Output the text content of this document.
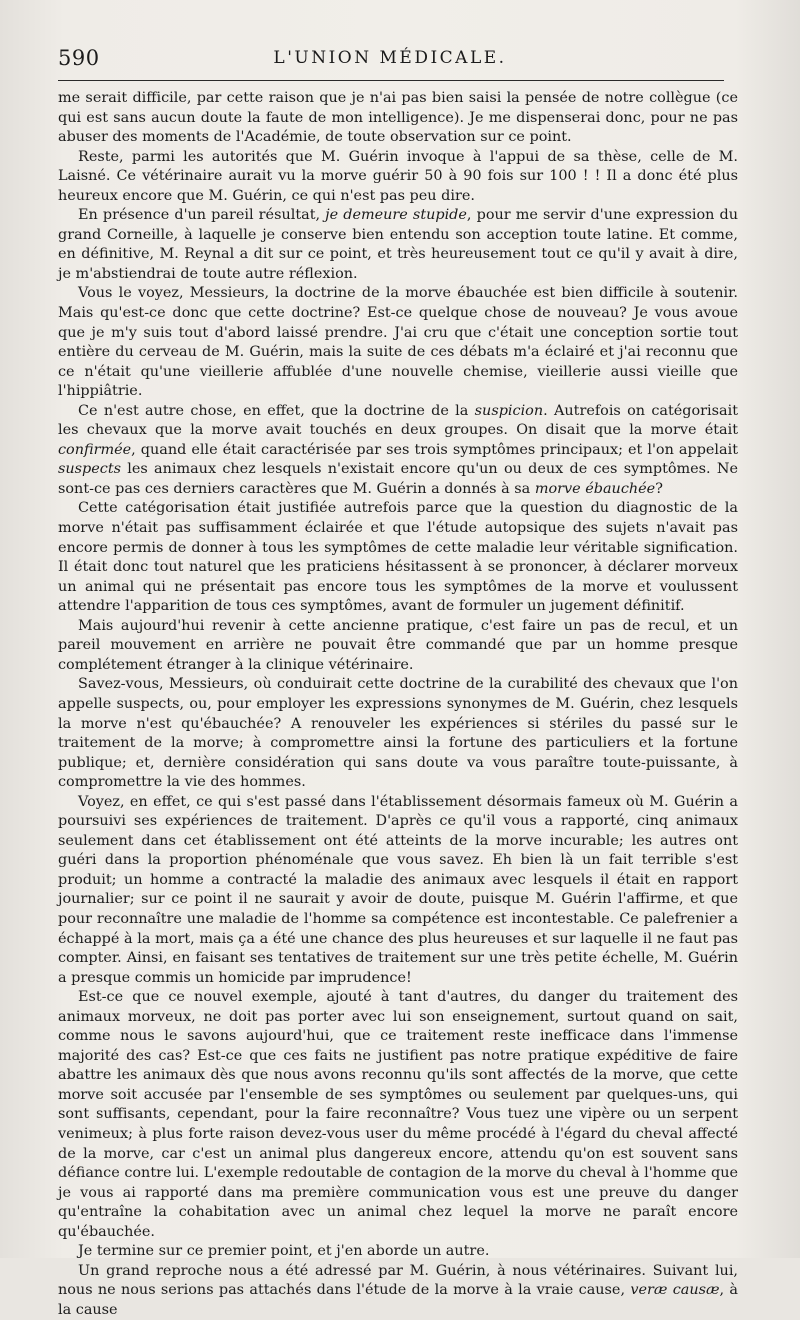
590	L'UNION MÉDICALE.

me serait difficile, par cette raison que je n'ai pas bien saisi la pensée de notre collègue (ce qui est sans aucun doute la faute de mon intelligence). Je me dispenserai donc, pour ne pas abuser des moments de l'Académie, de toute observation sur ce point.

Reste, parmi les autorités que M. Guérin invoque à l'appui de sa thèse, celle de M. Laisné. Ce vétérinaire aurait vu la morve guérir 50 à 90 fois sur 100 ! ! Il a donc été plus heureux encore que M. Guérin, ce qui n'est pas peu dire.

En présence d'un pareil résultat, je demeure stupide, pour me servir d'une expression du grand Corneille, à laquelle je conserve bien entendu son acception toute latine. Et comme, en définitive, M. Reynal a dit sur ce point, et très heureusement tout ce qu'il y avait à dire, je m'abstiendrai de toute autre réflexion.

Vous le voyez, Messieurs, la doctrine de la morve ébauchée est bien difficile à soutenir. Mais qu'est-ce donc que cette doctrine? Est-ce quelque chose de nouveau? Je vous avoue que je m'y suis tout d'abord laissé prendre. J'ai cru que c'était une conception sortie tout entière du cerveau de M. Guérin, mais la suite de ces débats m'a éclairé et j'ai reconnu que ce n'était qu'une vieillerie affublée d'une nouvelle chemise, vieillerie aussi vieille que l'hippiâtrie.

Ce n'est autre chose, en effet, que la doctrine de la suspicion. Autrefois on catégorisait les chevaux que la morve avait touchés en deux groupes. On disait que la morve était confirmée, quand elle était caractérisée par ses trois symptômes principaux; et l'on appelait suspects les animaux chez lesquels n'existait encore qu'un ou deux de ces symptômes. Ne sont-ce pas ces derniers caractères que M. Guérin a donnés à sa morve ébauchée?

Cette catégorisation était justifiée autrefois parce que la question du diagnostic de la morve n'était pas suffisamment éclairée et que l'étude autopsique des sujets n'avait pas encore permis de donner à tous les symptômes de cette maladie leur véritable signification. Il était donc tout naturel que les praticiens hésitassent à se prononcer, à déclarer morveux un animal qui ne présentait pas encore tous les symptômes de la morve et voulussent attendre l'apparition de tous ces symptômes, avant de formuler un jugement définitif.

Mais aujourd'hui revenir à cette ancienne pratique, c'est faire un pas de recul, et un pareil mouvement en arrière ne pouvait être commandé que par un homme presque complétement étranger à la clinique vétérinaire.

Savez-vous, Messieurs, où conduirait cette doctrine de la curabilité des chevaux que l'on appelle suspects, ou, pour employer les expressions synonymes de M. Guérin, chez lesquels la morve n'est qu'ébauchée? A renouveler les expériences si stériles du passé sur le traitement de la morve; à compromettre ainsi la fortune des particuliers et la fortune publique; et, dernière considération qui sans doute va vous paraître toute-puissante, à compromettre la vie des hommes.

Voyez, en effet, ce qui s'est passé dans l'établissement désormais fameux où M. Guérin a poursuivi ses expériences de traitement. D'après ce qu'il vous a rapporté, cinq animaux seulement dans cet établissement ont été atteints de la morve incurable; les autres ont guéri dans la proportion phénoménale que vous savez. Eh bien là un fait terrible s'est produit; un homme a contracté la maladie des animaux avec lesquels il était en rapport journalier; sur ce point il ne saurait y avoir de doute, puisque M. Guérin l'affirme, et que pour reconnaître une maladie de l'homme sa compétence est incontestable. Ce palefrenier a échappé à la mort, mais ça a été une chance des plus heureuses et sur laquelle il ne faut pas compter. Ainsi, en faisant ses tentatives de traitement sur une très petite échelle, M. Guérin a presque commis un homicide par imprudence!

Est-ce que ce nouvel exemple, ajouté à tant d'autres, du danger du traitement des animaux morveux, ne doit pas porter avec lui son enseignement, surtout quand on sait, comme nous le savons aujourd'hui, que ce traitement reste inefficace dans l'immense majorité des cas? Est-ce que ces faits ne justifient pas notre pratique expéditive de faire abattre les animaux dès que nous avons reconnu qu'ils sont affectés de la morve, que cette morve soit accusée par l'ensemble de ses symptômes ou seulement par quelques-uns, qui sont suffisants, cependant, pour la faire reconnaître? Vous tuez une vipère ou un serpent venimeux; à plus forte raison devez-vous user du même procédé à l'égard du cheval affecté de la morve, car c'est un animal plus dangereux encore, attendu qu'on est souvent sans défiance contre lui. L'exemple redoutable de contagion de la morve du cheval à l'homme que je vous ai rapporté dans ma première communication vous est une preuve du danger qu'entraîne la cohabitation avec un animal chez lequel la morve ne paraît encore qu'ébauchée.

Je termine sur ce premier point, et j'en aborde un autre.

Un grand reproche nous a été adressé par M. Guérin, à nous vétérinaires. Suivant lui, nous ne nous serions pas attachés dans l'étude de la morve à la vraie cause, veræ causæ, à la cause
